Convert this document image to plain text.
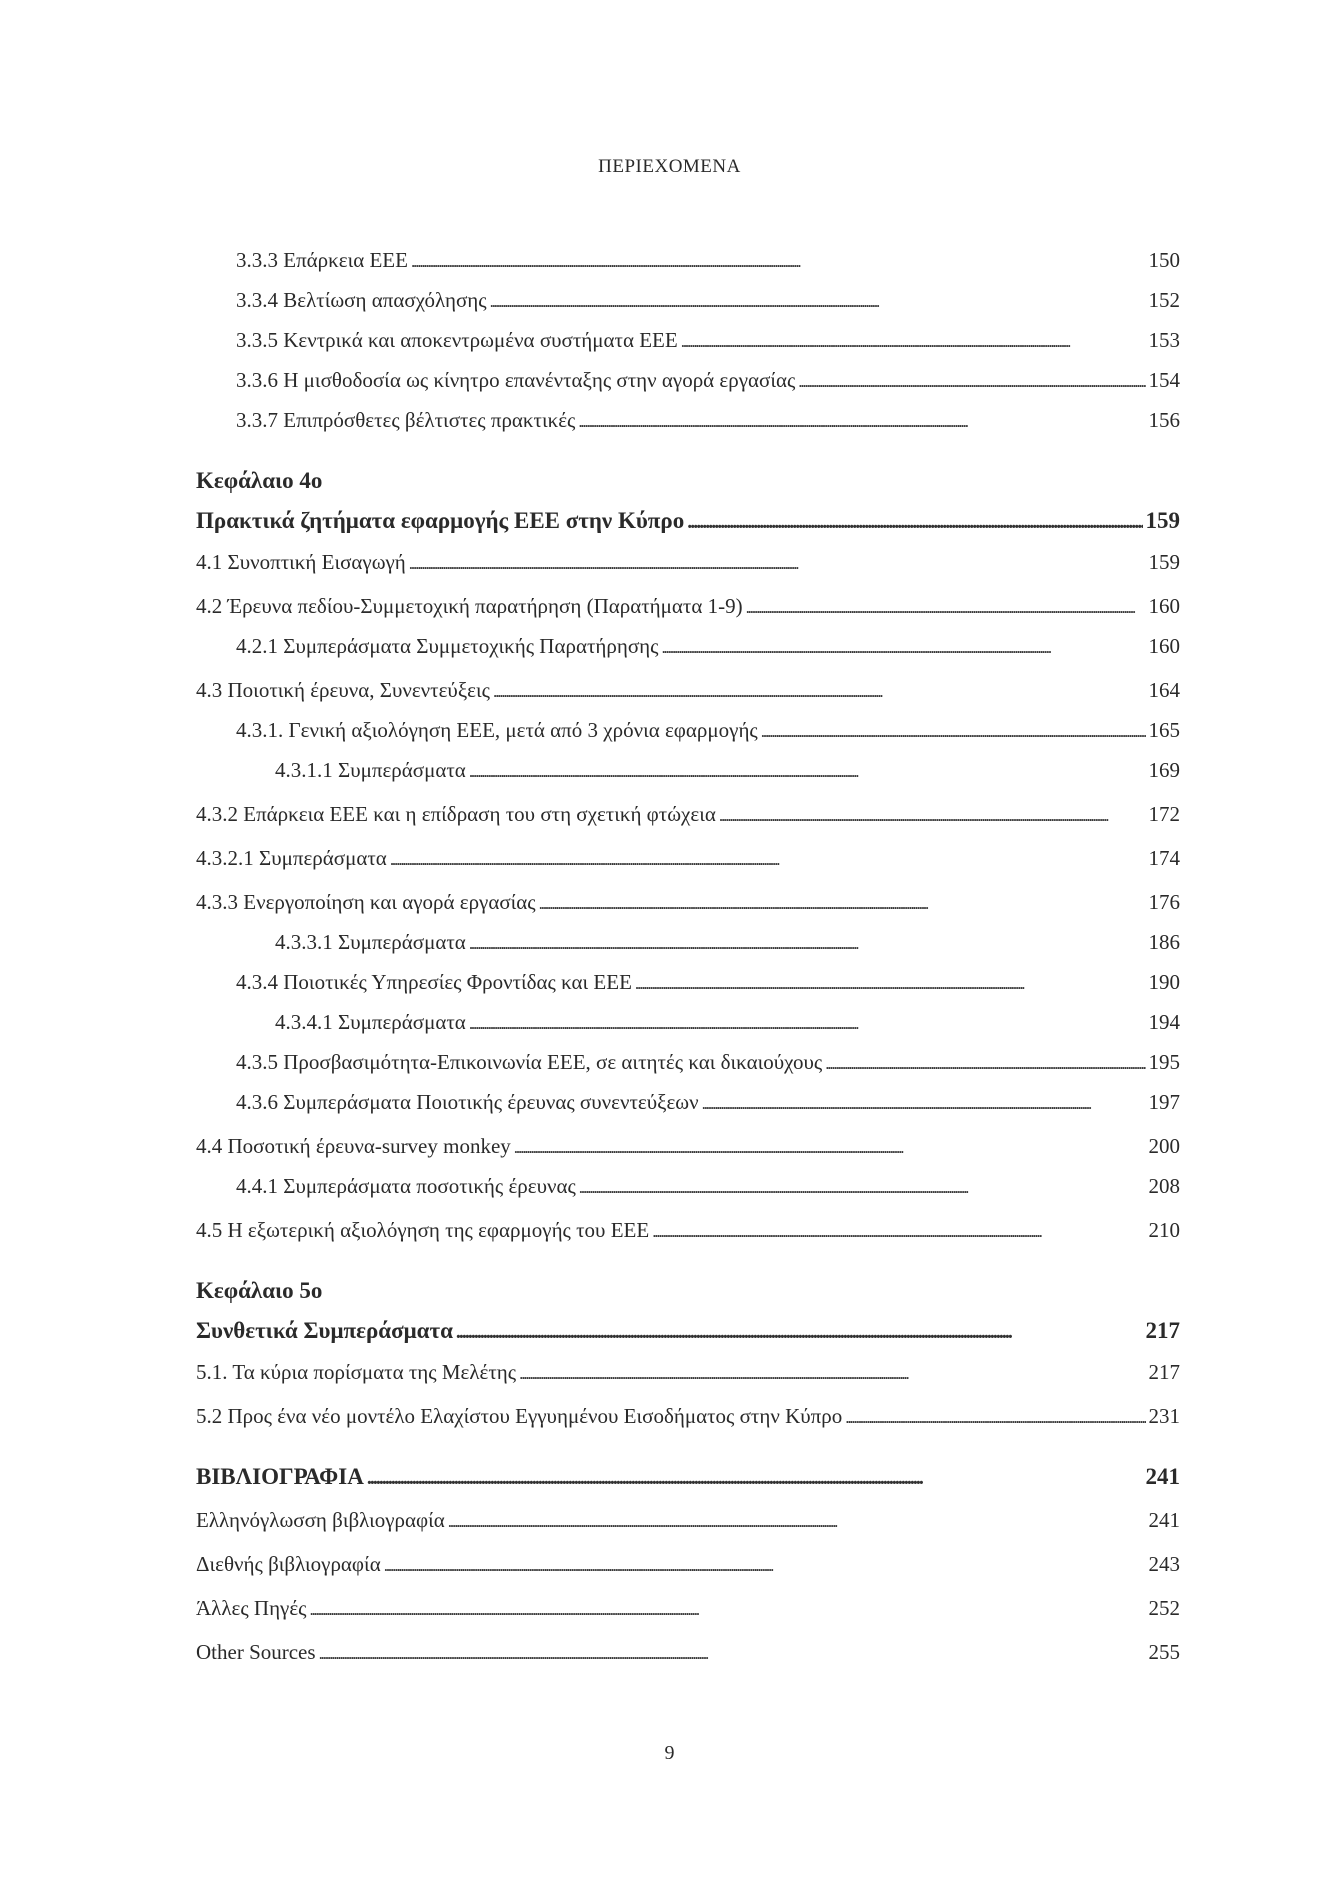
ΠΕΡΙΕΧΟΜΕΝΑ
3.3.3 Επάρκεια ΕΕΕ . . .	150
3.3.4 Βελτίωση απασχόλησης . . .	152
3.3.5 Κεντρικά και αποκεντρωμένα συστήματα ΕΕΕ . . .	153
3.3.6 Η μισθοδοσία ως κίνητρο επανένταξης στην αγορά εργασίας . . .	154
3.3.7 Επιπρόσθετες βέλτιστες πρακτικές . . .	156
Κεφάλαιο 4ο
Πρακτικά ζητήματα εφαρμογής ΕΕΕ στην Κύπρο . . .	159
4.1 Συνοπτική Εισαγωγή . . .	159
4.2 Έρευνα πεδίου-Συμμετοχική παρατήρηση (Παρατήματα 1-9) . . .	160
4.2.1 Συμπεράσματα Συμμετοχικής Παρατήρησης . . .	160
4.3 Ποιοτική έρευνα, Συνεντεύξεις . . .	164
4.3.1. Γενική αξιολόγηση ΕΕΕ, μετά από 3 χρόνια εφαρμογής . . .	165
4.3.1.1 Συμπεράσματα . . .	169
4.3.2 Επάρκεια ΕΕΕ και η επίδραση του στη σχετική φτώχεια . . .	172
4.3.2.1 Συμπεράσματα . . .	174
4.3.3 Ενεργοποίηση και αγορά εργασίας . . .	176
4.3.3.1 Συμπεράσματα . . .	186
4.3.4 Ποιοτικές Υπηρεσίες Φροντίδας και ΕΕΕ . . .	190
4.3.4.1 Συμπεράσματα . . .	194
4.3.5 Προσβασιμότητα-Επικοινωνία ΕΕΕ, σε αιτητές και δικαιούχους . . .	195
4.3.6 Συμπεράσματα Ποιοτικής έρευνας συνεντεύξεων . . .	197
4.4 Ποσοτική έρευνα-survey monkey . . .	200
4.4.1 Συμπεράσματα ποσοτικής έρευνας . . .	208
4.5 Η εξωτερική αξιολόγηση της εφαρμογής του ΕΕΕ . . .	210
Κεφάλαιο 5ο
Συνθετικά Συμπεράσματα . . .	217
5.1. Τα κύρια πορίσματα της Μελέτης . . .	217
5.2 Προς ένα νέο μοντέλο Ελαχίστου Εγγυημένου Εισοδήματος στην Κύπρο . . .	231
ΒΙΒΛΙΟΓΡΑΦΙΑ . . .	241
Ελληνόγλωσση βιβλιογραφία . . .	241
Διεθνής βιβλιογραφία . . .	243
Άλλες Πηγές . . .	252
Other Sources . . .	255
9
